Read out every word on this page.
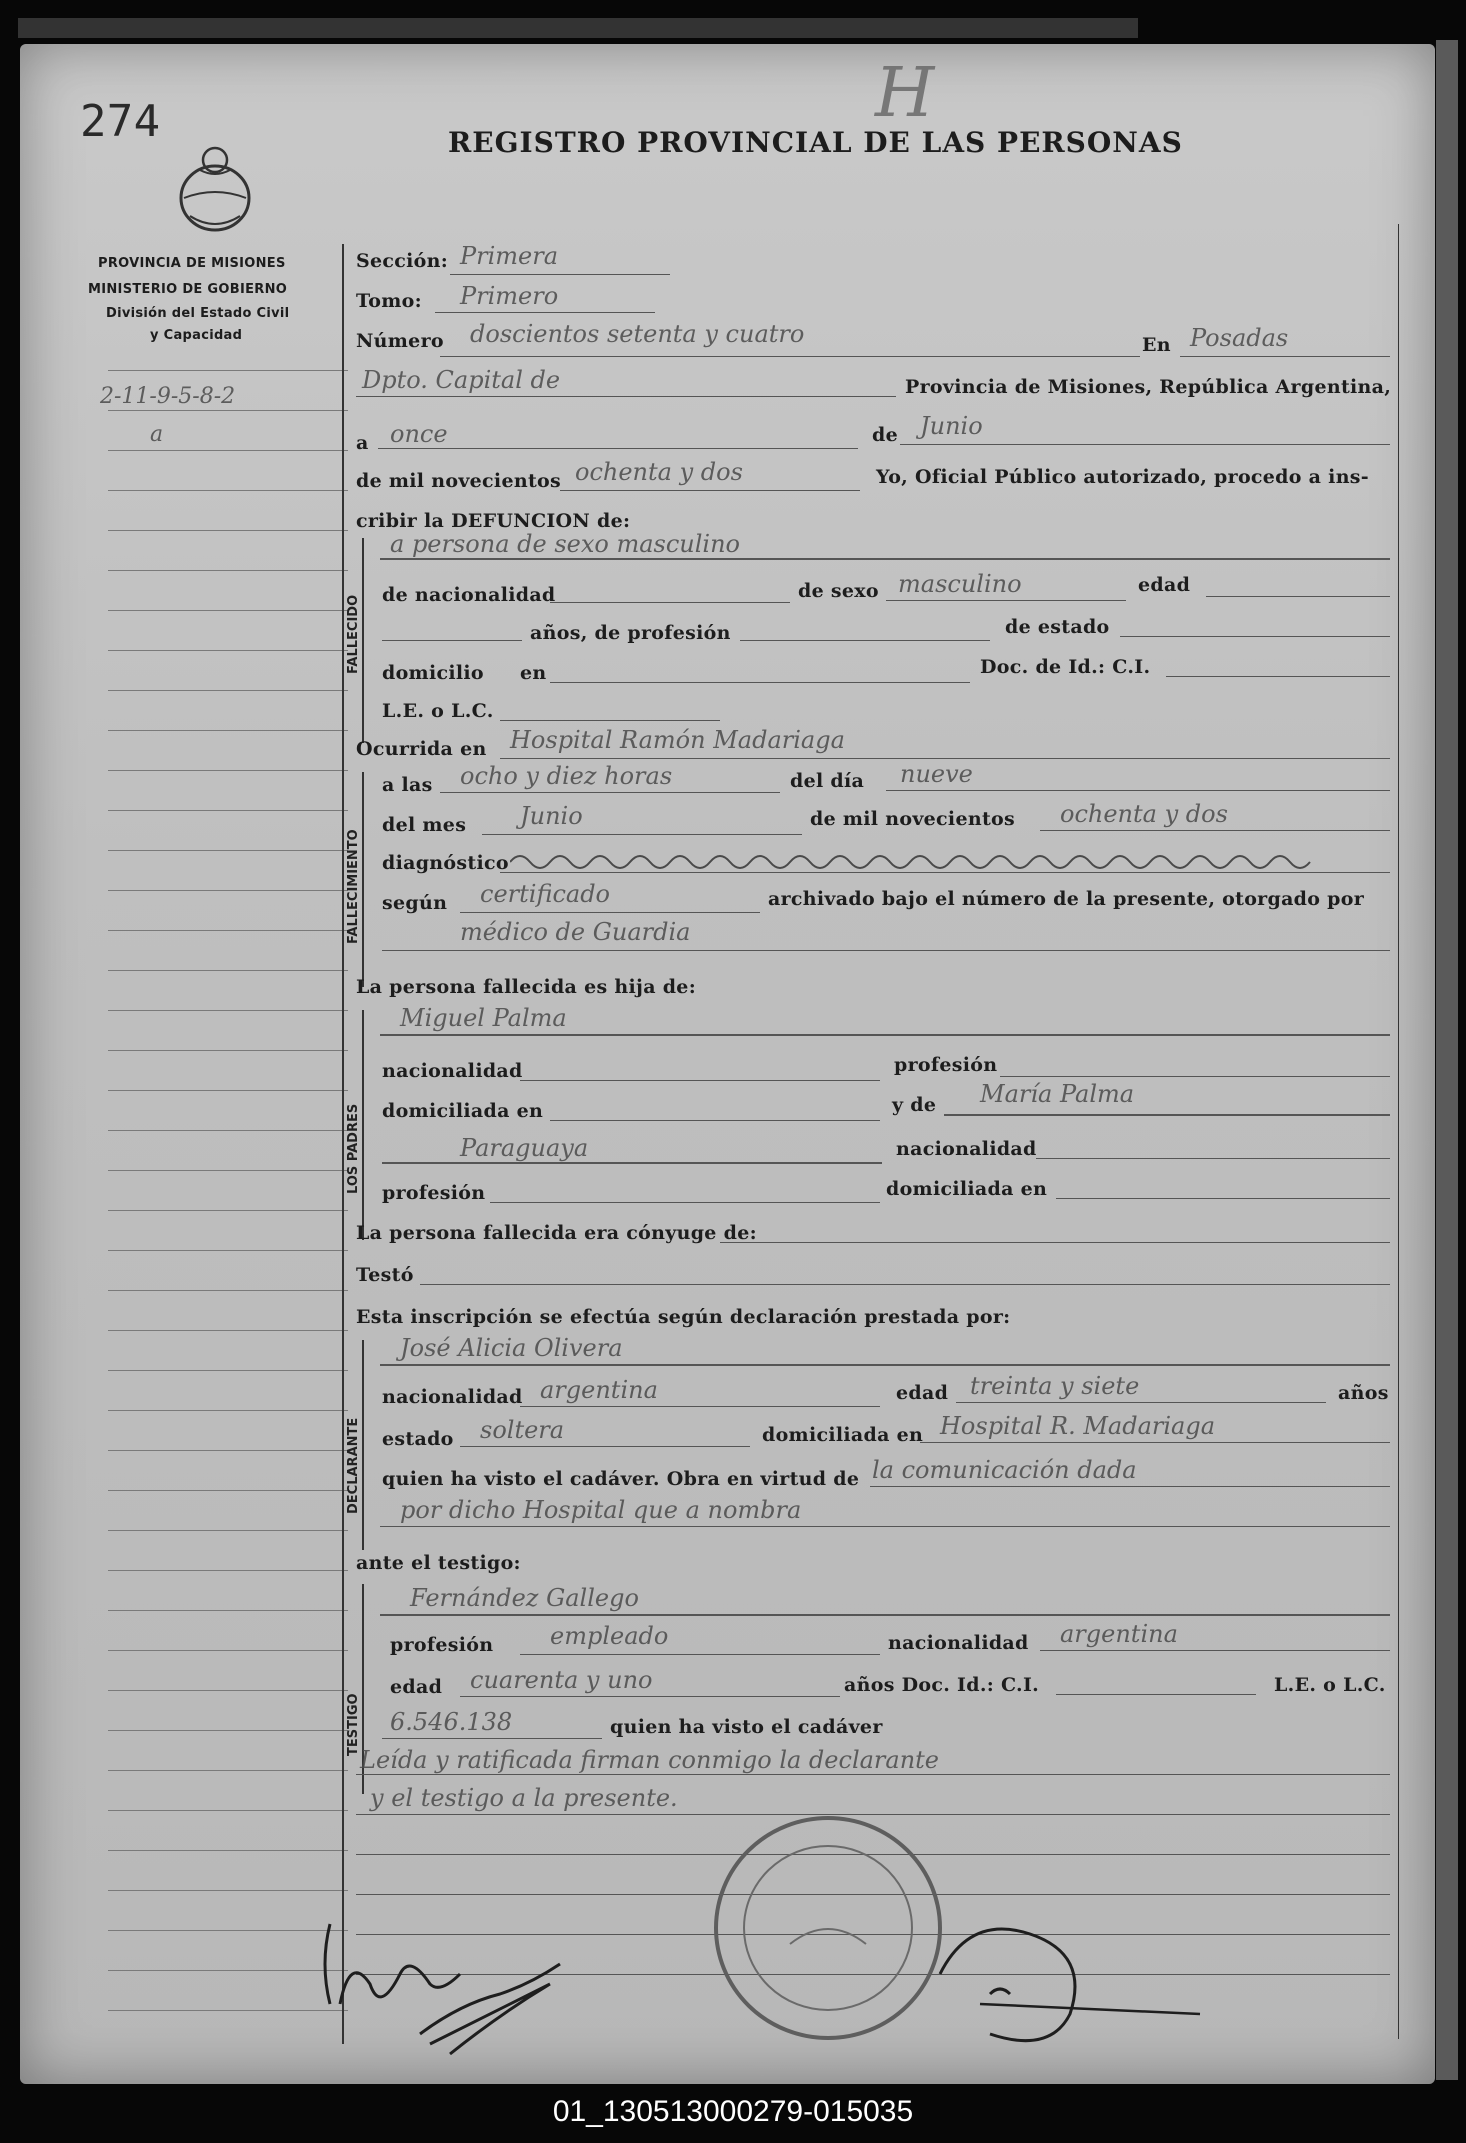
274	H
REGISTRO PROVINCIAL DE LAS PERSONAS
PROVINCIA DE MISIONES
MINISTERIO DE GOBIERNO
División del Estado Civil
y Capacidad
2-11-9-5-8-2
a
Sección: Primera
Tomo: Primero
Número doscientos setenta y cuatro	En Posadas
Dpto. Capital de	Provincia de Misiones, República Argentina,
a once	de Junio
de mil novecientos ochenta y dos	Yo, Oficial Público autorizado, procedo a ins-
cribir la DEFUNCION de:
FALLECIDO
a persona de sexo masculino
de nacionalidad	de sexo masculino	edad
años, de profesión	de estado
domicilio en	Doc. de Id.: C.I.
L.E. o L.C.
Ocurrida en Hospital Ramón Madariaga
FALLECIMIENTO
a las ocho y diez horas	del día nueve
del mes Junio	de mil novecientos ochenta y dos
diagnóstico
según certificado	archivado bajo el número de la presente, otorgado por
médico de Guardia
La persona fallecida es hija de:
LOS PADRES
Miguel Palma
nacionalidad	profesión
domiciliada en	y de María Palma
Paraguaya	nacionalidad
profesión	domiciliada en
La persona fallecida era cónyuge de:
Testó
Esta inscripción se efectúa según declaración prestada por:
DECLARANTE
José Alicia Olivera
nacionalidad argentina	edad treinta y siete	años
estado soltera	domiciliada en Hospital R. Madariaga
quien ha visto el cadáver. Obra en virtud de la comunicación dada
por dicho Hospital que a nombra
ante el testigo:
TESTIGO
Fernández Gallego
profesión empleado	nacionalidad argentina
edad cuarenta y uno	años Doc. Id.: C.I.	L.E. o L.C.
6.546.138	quien ha visto el cadáver
Leída y ratificada firman conmigo la declarante
y el testigo a la presente.
01_130513000279-015035
